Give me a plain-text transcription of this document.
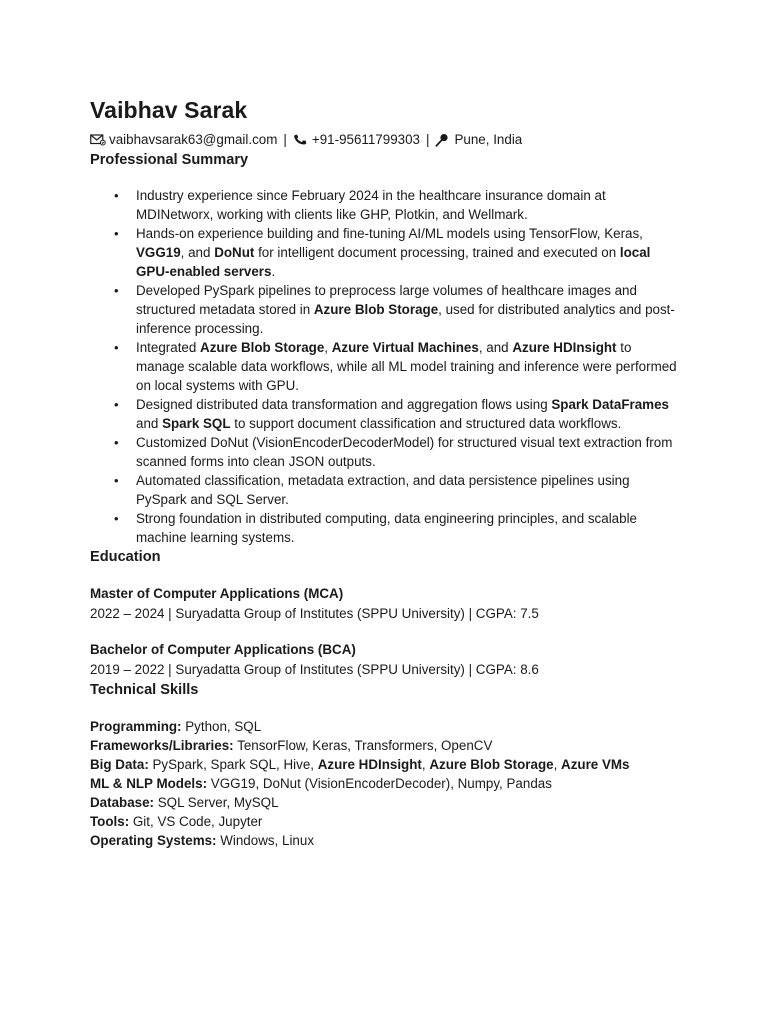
Vaibhav Sarak
vaibhavsarak63@gmail.com | +91-95611799303 | Pune, India
Professional Summary
• Industry experience since February 2024 in the healthcare insurance domain at MDINetworx, working with clients like GHP, Plotkin, and Wellmark.
• Hands-on experience building and fine-tuning AI/ML models using TensorFlow, Keras, VGG19, and DoNut for intelligent document processing, trained and executed on local GPU-enabled servers.
• Developed PySpark pipelines to preprocess large volumes of healthcare images and structured metadata stored in Azure Blob Storage, used for distributed analytics and post-inference processing.
• Integrated Azure Blob Storage, Azure Virtual Machines, and Azure HDInsight to manage scalable data workflows, while all ML model training and inference were performed on local systems with GPU.
• Designed distributed data transformation and aggregation flows using Spark DataFrames and Spark SQL to support document classification and structured data workflows.
• Customized DoNut (VisionEncoderDecoderModel) for structured visual text extraction from scanned forms into clean JSON outputs.
• Automated classification, metadata extraction, and data persistence pipelines using PySpark and SQL Server.
• Strong foundation in distributed computing, data engineering principles, and scalable machine learning systems.
Education
Master of Computer Applications (MCA)
2022 – 2024 | Suryadatta Group of Institutes (SPPU University) | CGPA: 7.5
Bachelor of Computer Applications (BCA)
2019 – 2022 | Suryadatta Group of Institutes (SPPU University) | CGPA: 8.6
Technical Skills
Programming: Python, SQL
Frameworks/Libraries: TensorFlow, Keras, Transformers, OpenCV
Big Data: PySpark, Spark SQL, Hive, Azure HDInsight, Azure Blob Storage, Azure VMs
ML & NLP Models: VGG19, DoNut (VisionEncoderDecoder), Numpy, Pandas
Database: SQL Server, MySQL
Tools: Git, VS Code, Jupyter
Operating Systems: Windows, Linux
